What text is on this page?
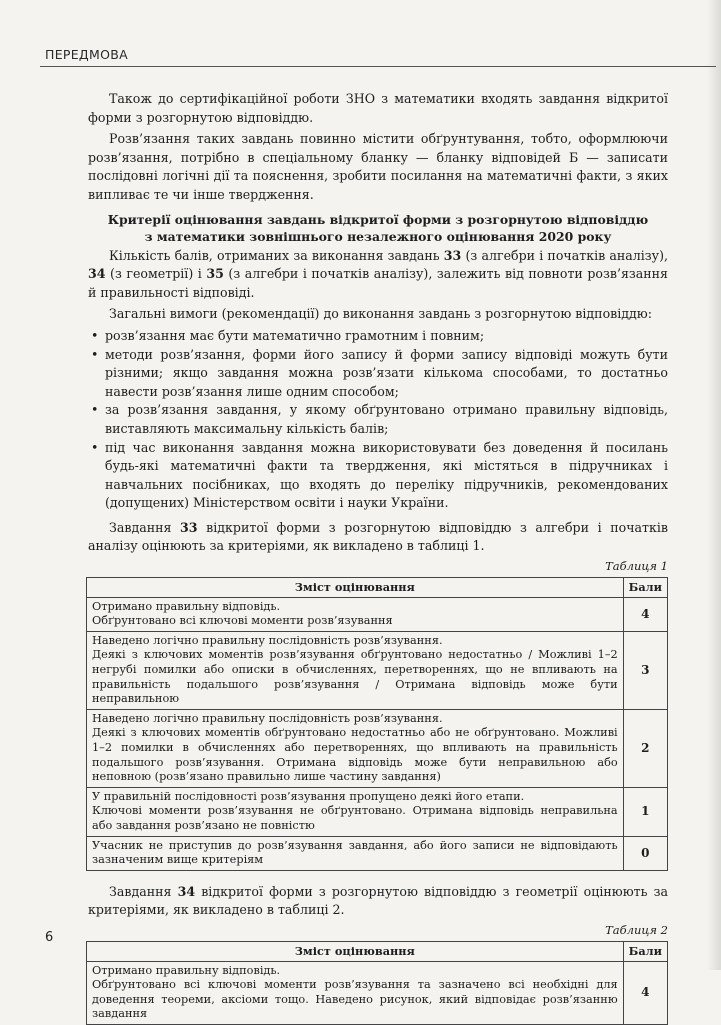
ПЕРЕДМОВА

Також до сертифікаційної роботи ЗНО з математики входять завдання відкритої форми з розгорнутою відповіддю.

Розв’язання таких завдань повинно містити обґрунтування, тобто, оформлюючи розв’язання, потрібно в спеціальному бланку — бланку відповідей Б — записати послідовні логічні дії та пояснення, зробити посилання на математичні факти, з яких випливає те чи інше твердження.

Критерії оцінювання завдань відкритої форми з розгорнутою відповіддю
з математики зовнішнього незалежного оцінювання 2020 року

Кількість балів, отриманих за виконання завдань 33 (з алгебри і початків аналізу), 34 (з геометрії) і 35 (з алгебри і початків аналізу), залежить від повноти розв’язання й правильності відповіді.

Загальні вимоги (рекомендації) до виконання завдань з розгорнутою відповіддю:

• розв’язання має бути математично грамотним і повним;
• методи розв’язання, форми його запису й форми запису відповіді можуть бути різними; якщо завдання можна розв’язати кількома способами, то достатньо навести розв’язання лише одним способом;
• за розв’язання завдання, у якому обґрунтовано отримано правильну відповідь, виставляють максимальну кількість балів;
• під час виконання завдання можна використовувати без доведення й посилань будь-які математичні факти та твердження, які містяться в підручниках і навчальних посібниках, що входять до переліку підручників, рекомендованих (допущених) Міністерством освіти і науки України.

Завдання 33 відкритої форми з розгорнутою відповіддю з алгебри і початків аналізу оцінюють за критеріями, як викладено в таблиці 1.

Таблиця 1
Зміст оцінювання	Бали

Отримано правильну відповідь.
Обґрунтовано всі ключові моменти розв’язування	4

Наведено логічно правильну послідовність розв’язування.
Деякі з ключових моментів розв’язування обґрунтовано недостатньо / Можливі 1–2 негрубі помилки або описки в обчисленнях, перетвореннях, що не впливають на правильність подальшого розв’язування / Отримана відповідь може бути неправильною	3

Наведено логічно правильну послідовність розв’язування.
Деякі з ключових моментів обґрунтовано недостатньо або не обґрунтовано. Можливі 1–2 помилки в обчисленнях або перетвореннях, що впливають на правильність подальшого розв’язування. Отримана відповідь може бути неправильною або неповною (розв’язано правильно лише частину завдання)	2

У правильній послідовності розв’язування пропущено деякі його етапи.
Ключові моменти розв’язування не обґрунтовано. Отримана відповідь неправильна або завдання розв’язано не повністю	1

Учасник не приступив до розв’язування завдання, або його записи не відповідають зазначеним вище критеріям	0

Завдання 34 відкритої форми з розгорнутою відповіддю з геометрії оцінюють за критеріями, як викладено в таблиці 2.

Таблиця 2
Зміст оцінювання	Бали

Отримано правильну відповідь.
Обґрунтовано всі ключові моменти розв’язування та зазначено всі необхідні для доведення теореми, аксіоми тощо. Наведено рисунок, який відповідає розв’язанню завдання	4
6
